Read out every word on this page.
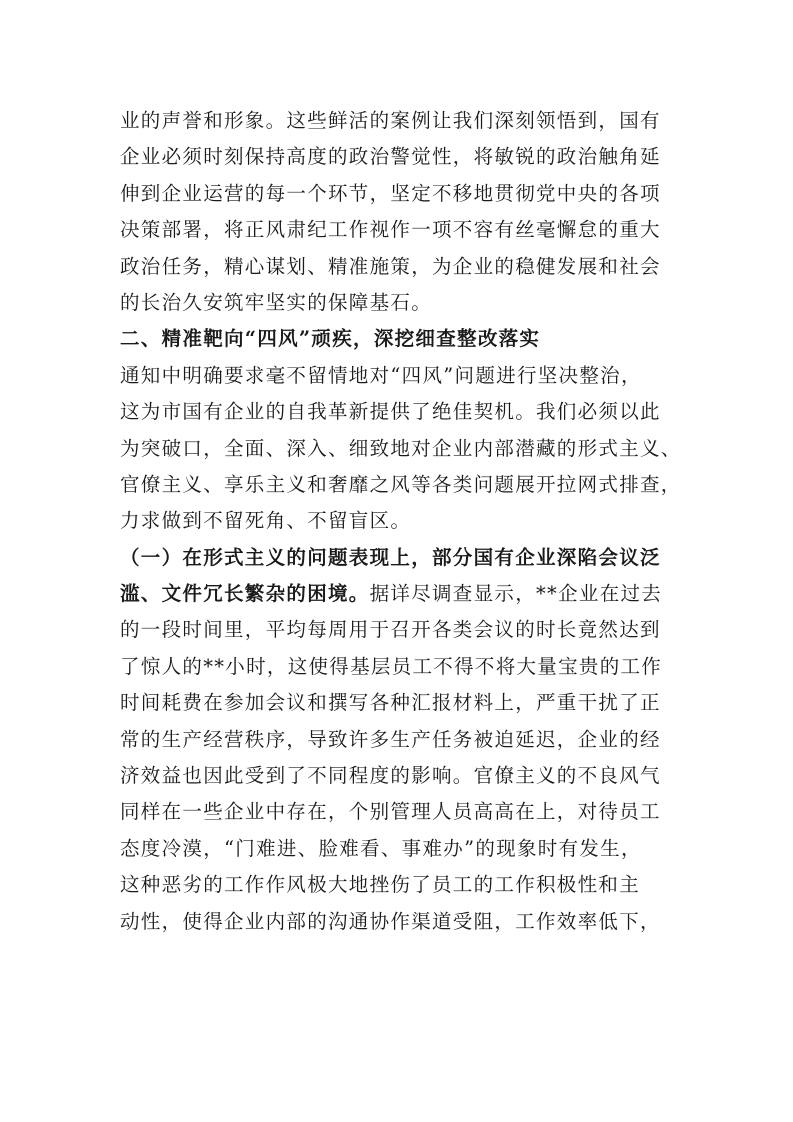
业的声誉和形象。这些鲜活的案例让我们深刻领悟到，国有
企业必须时刻保持高度的政治警觉性，将敏锐的政治触角延
伸到企业运营的每一个环节，坚定不移地贯彻党中央的各项
决策部署，将正风肃纪工作视作一项不容有丝毫懈怠的重大
政治任务，精心谋划、精准施策，为企业的稳健发展和社会
的长治久安筑牢坚实的保障基石。
二、精准靶向“四风”顽疾，深挖细查整改落实
通知中明确要求毫不留情地对“四风”问题进行坚决整治，
这为市国有企业的自我革新提供了绝佳契机。我们必须以此
为突破口，全面、深入、细致地对企业内部潜藏的形式主义、
官僚主义、享乐主义和奢靡之风等各类问题展开拉网式排查，
力求做到不留死角、不留盲区。
（一）在形式主义的问题表现上，部分国有企业深陷会议泛
滥、文件冗长繁杂的困境。据详尽调查显示，**企业在过去
的一段时间里，平均每周用于召开各类会议的时长竟然达到
了惊人的**小时，这使得基层员工不得不将大量宝贵的工作
时间耗费在参加会议和撰写各种汇报材料上，严重干扰了正
常的生产经营秩序，导致许多生产任务被迫延迟，企业的经
济效益也因此受到了不同程度的影响。官僚主义的不良风气
同样在一些企业中存在，个别管理人员高高在上，对待员工
态度冷漠，“门难进、脸难看、事难办”的现象时有发生，
这种恶劣的工作作风极大地挫伤了员工的工作积极性和主
动性，使得企业内部的沟通协作渠道受阻，工作效率低下，
